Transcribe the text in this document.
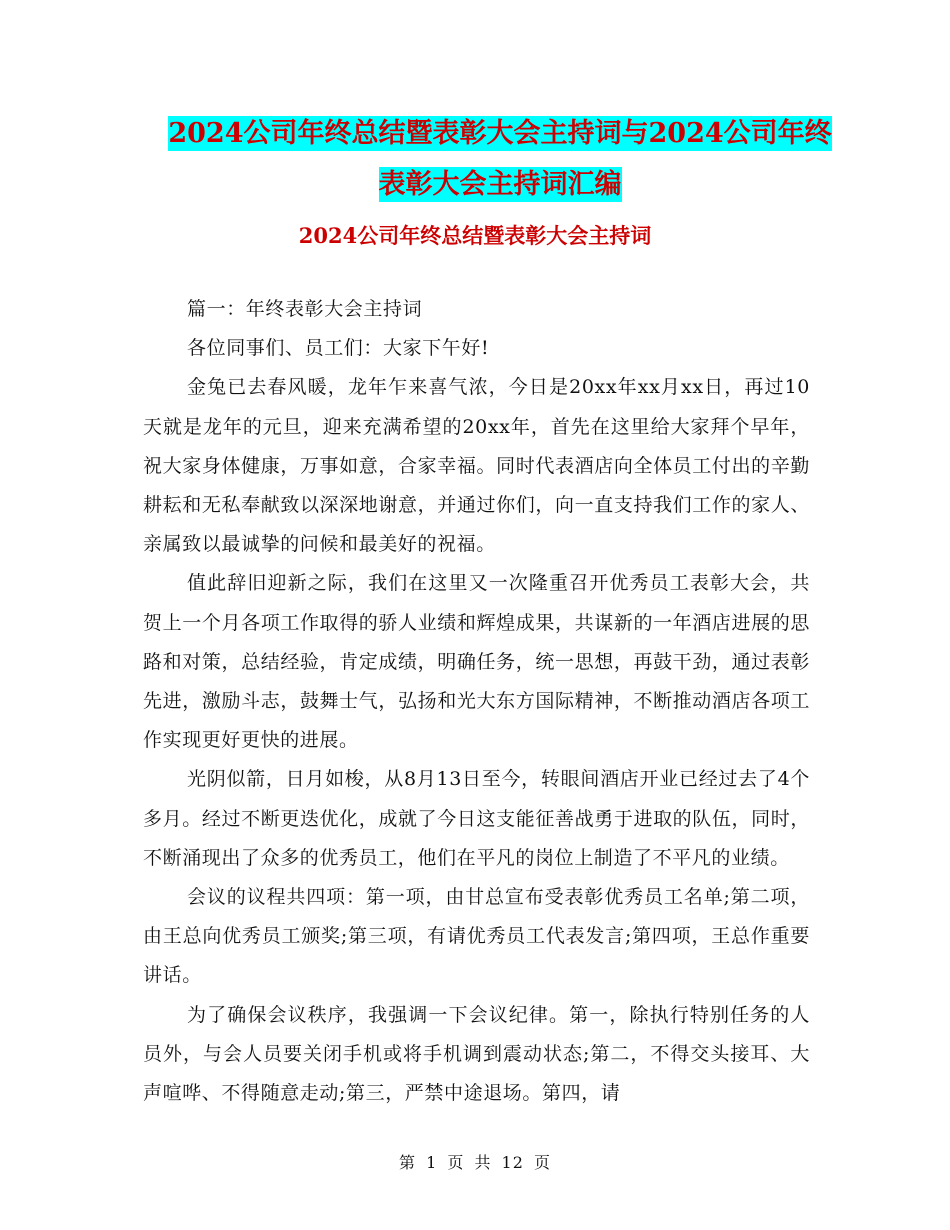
2024公司年终总结暨表彰大会主持词与2024公司年终
表彰大会主持词汇编
2024公司年终总结暨表彰大会主持词

篇一：年终表彰大会主持词

各位同事们、员工们：大家下午好!

金兔已去春风暖，龙年乍来喜气浓，今日是20xx年xx月xx日，再过10天就是龙年的元旦，迎来充满希望的20xx年，首先在这里给大家拜个早年，祝大家身体健康，万事如意，合家幸福。同时代表酒店向全体员工付出的辛勤耕耘和无私奉献致以深深地谢意，并通过你们，向一直支持我们工作的家人、亲属致以最诚挚的问候和最美好的祝福。

值此辞旧迎新之际，我们在这里又一次隆重召开优秀员工表彰大会，共贺上一个月各项工作取得的骄人业绩和辉煌成果，共谋新的一年酒店进展的思路和对策，总结经验，肯定成绩，明确任务，统一思想，再鼓干劲，通过表彰先进，激励斗志，鼓舞士气，弘扬和光大东方国际精神，不断推动酒店各项工作实现更好更快的进展。

光阴似箭，日月如梭，从8月13日至今，转眼间酒店开业已经过去了4个多月。经过不断更迭优化，成就了今日这支能征善战勇于进取的队伍，同时，不断涌现出了众多的优秀员工，他们在平凡的岗位上制造了不平凡的业绩。

会议的议程共四项：第一项，由甘总宣布受表彰优秀员工名单;第二项，由王总向优秀员工颁奖;第三项，有请优秀员工代表发言;第四项，王总作重要讲话。

为了确保会议秩序，我强调一下会议纪律。第一，除执行特别任务的人员外，与会人员要关闭手机或将手机调到震动状态;第二，不得交头接耳、大声喧哗、不得随意走动;第三，严禁中途退场。第四，请

第 1 页 共 12 页
